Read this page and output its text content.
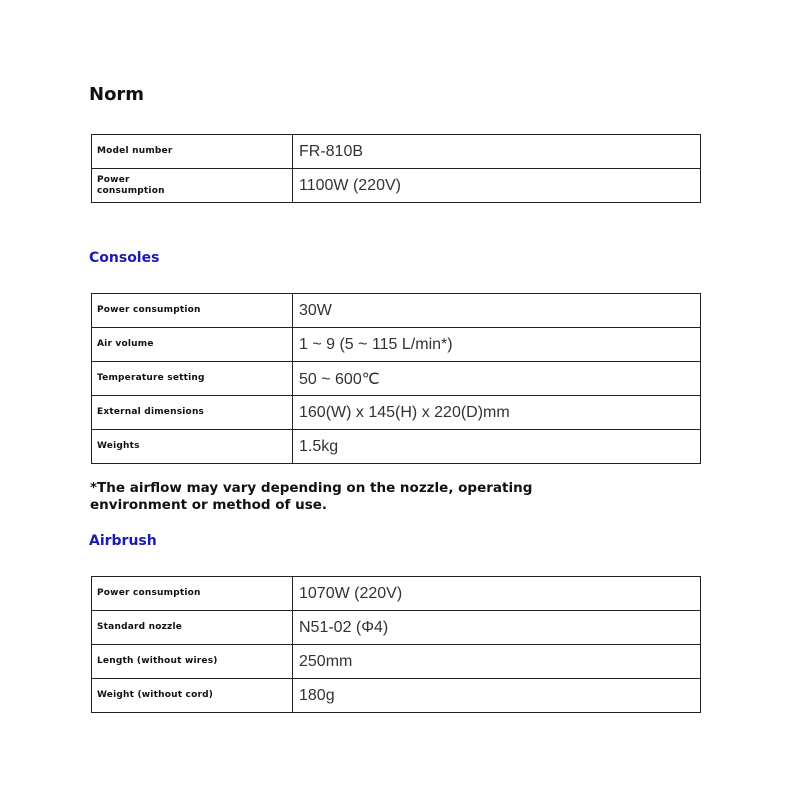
Norm
Model number	FR-810B
Power consumption	1100W (220V)
Consoles
Power consumption	30W
Air volume	1 ~ 9 (5 ~ 115 L/min*)
Temperature setting	50 ~ 600℃
External dimensions	160(W) x 145(H) x 220(D)mm
Weights	1.5kg

*The airflow may vary depending on the nozzle, operating environment or method of use.

Airbrush
Power consumption	1070W (220V)
Standard nozzle	N51-02 (Φ4)
Length (without wires)	250mm
Weight (without cord)	180g
